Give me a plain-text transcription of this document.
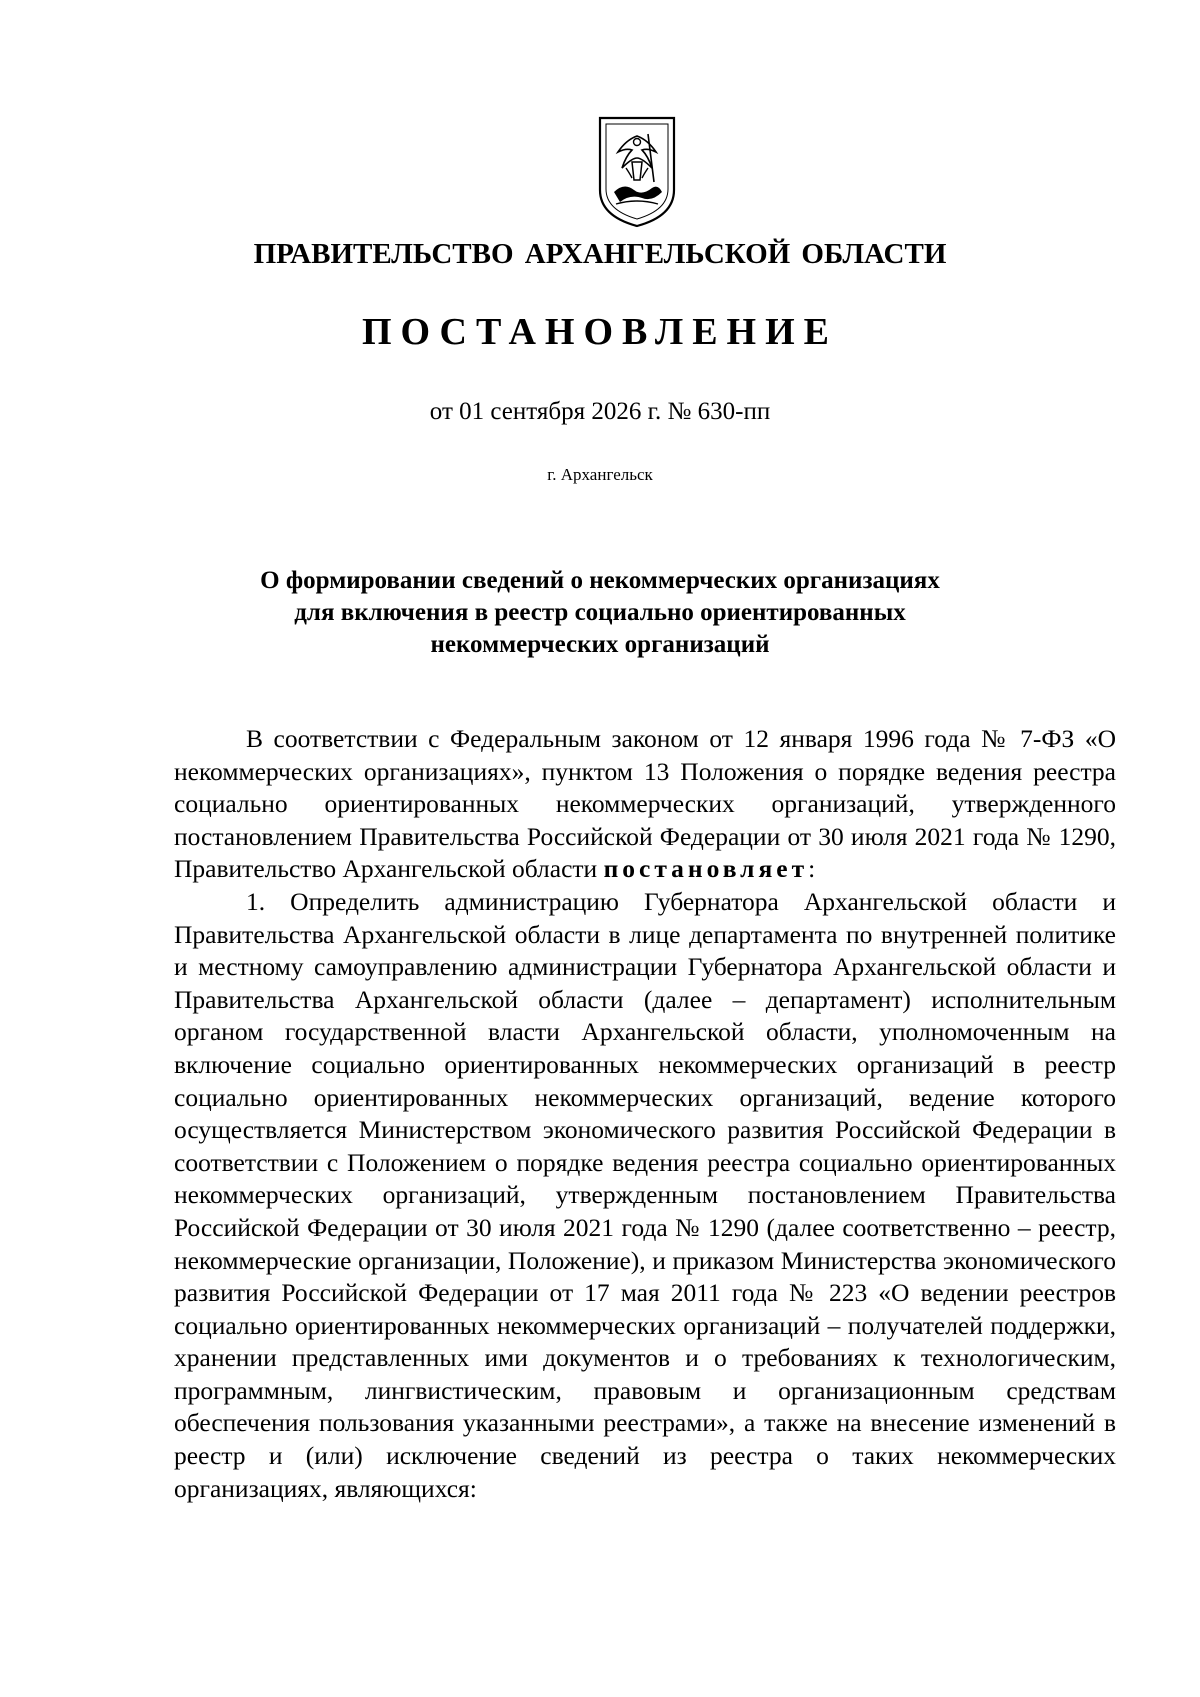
ПРАВИТЕЛЬСТВО АРХАНГЕЛЬСКОЙ ОБЛАСТИ
ПОСТАНОВЛЕНИЕ

от 01 сентября 2026 г. № 630-пп

г. Архангельск

О формировании сведений о некоммерческих организациях
для включения в реестр социально ориентированных
некоммерческих организаций

В соответствии с Федеральным законом от 12 января 1996 года № 7-ФЗ «О некоммерческих организациях», пунктом 13 Положения о порядке ведения реестра социально ориентированных некоммерческих организаций, утвержденного постановлением Правительства Российской Федерации от 30 июля 2021 года № 1290, Правительство Архангельской области постановляет:

1. Определить администрацию Губернатора Архангельской области и Правительства Архангельской области в лице департамента по внутренней политике и местному самоуправлению администрации Губернатора Архангельской области и Правительства Архангельской области (далее – департамент) исполнительным органом государственной власти Архангельской области, уполномоченным на включение социально ориентированных некоммерческих организаций в реестр социально ориентированных некоммерческих организаций, ведение которого осуществляется Министерством экономического развития Российской Федерации в соответствии с Положением о порядке ведения реестра социально ориентированных некоммерческих организаций, утвержденным постановлением Правительства Российской Федерации от 30 июля 2021 года № 1290 (далее соответственно – реестр, некоммерческие организации, Положение), и приказом Министерства экономического развития Российской Федерации от 17 мая 2011 года № 223 «О ведении реестров социально ориентированных некоммерческих организаций – получателей поддержки, хранении представленных ими документов и о требованиях к технологическим, программным, лингвистическим, правовым и организационным средствам обеспечения пользования указанными реестрами», а также на внесение изменений в реестр и (или) исключение сведений из реестра о таких некоммерческих организациях, являющихся:
